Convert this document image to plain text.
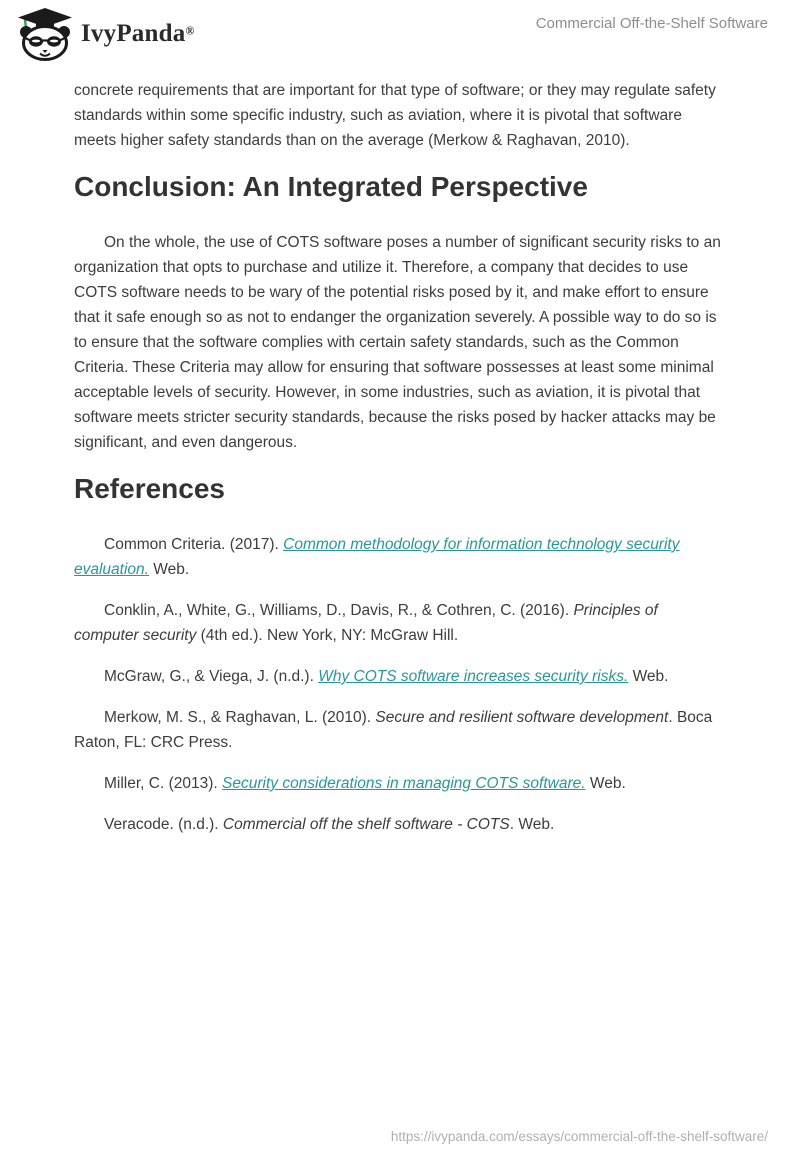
IvyPanda®	Commercial Off-the-Shelf Software

concrete requirements that are important for that type of software; or they may regulate safety standards within some specific industry, such as aviation, where it is pivotal that software meets higher safety standards than on the average (Merkow & Raghavan, 2010).

Conclusion: An Integrated Perspective

On the whole, the use of COTS software poses a number of significant security risks to an organization that opts to purchase and utilize it. Therefore, a company that decides to use COTS software needs to be wary of the potential risks posed by it, and make effort to ensure that it safe enough so as not to endanger the organization severely. A possible way to do so is to ensure that the software complies with certain safety standards, such as the Common Criteria. These Criteria may allow for ensuring that software possesses at least some minimal acceptable levels of security. However, in some industries, such as aviation, it is pivotal that software meets stricter security standards, because the risks posed by hacker attacks may be significant, and even dangerous.

References

Common Criteria. (2017). Common methodology for information technology security evaluation. Web.

Conklin, A., White, G., Williams, D., Davis, R., & Cothren, C. (2016). Principles of computer security (4th ed.). New York, NY: McGraw Hill.

McGraw, G., & Viega, J. (n.d.). Why COTS software increases security risks. Web.

Merkow, M. S., & Raghavan, L. (2010). Secure and resilient software development. Boca Raton, FL: CRC Press.

Miller, C. (2013). Security considerations in managing COTS software. Web.

Veracode. (n.d.). Commercial off the shelf software - COTS. Web.

https://ivypanda.com/essays/commercial-off-the-shelf-software/
